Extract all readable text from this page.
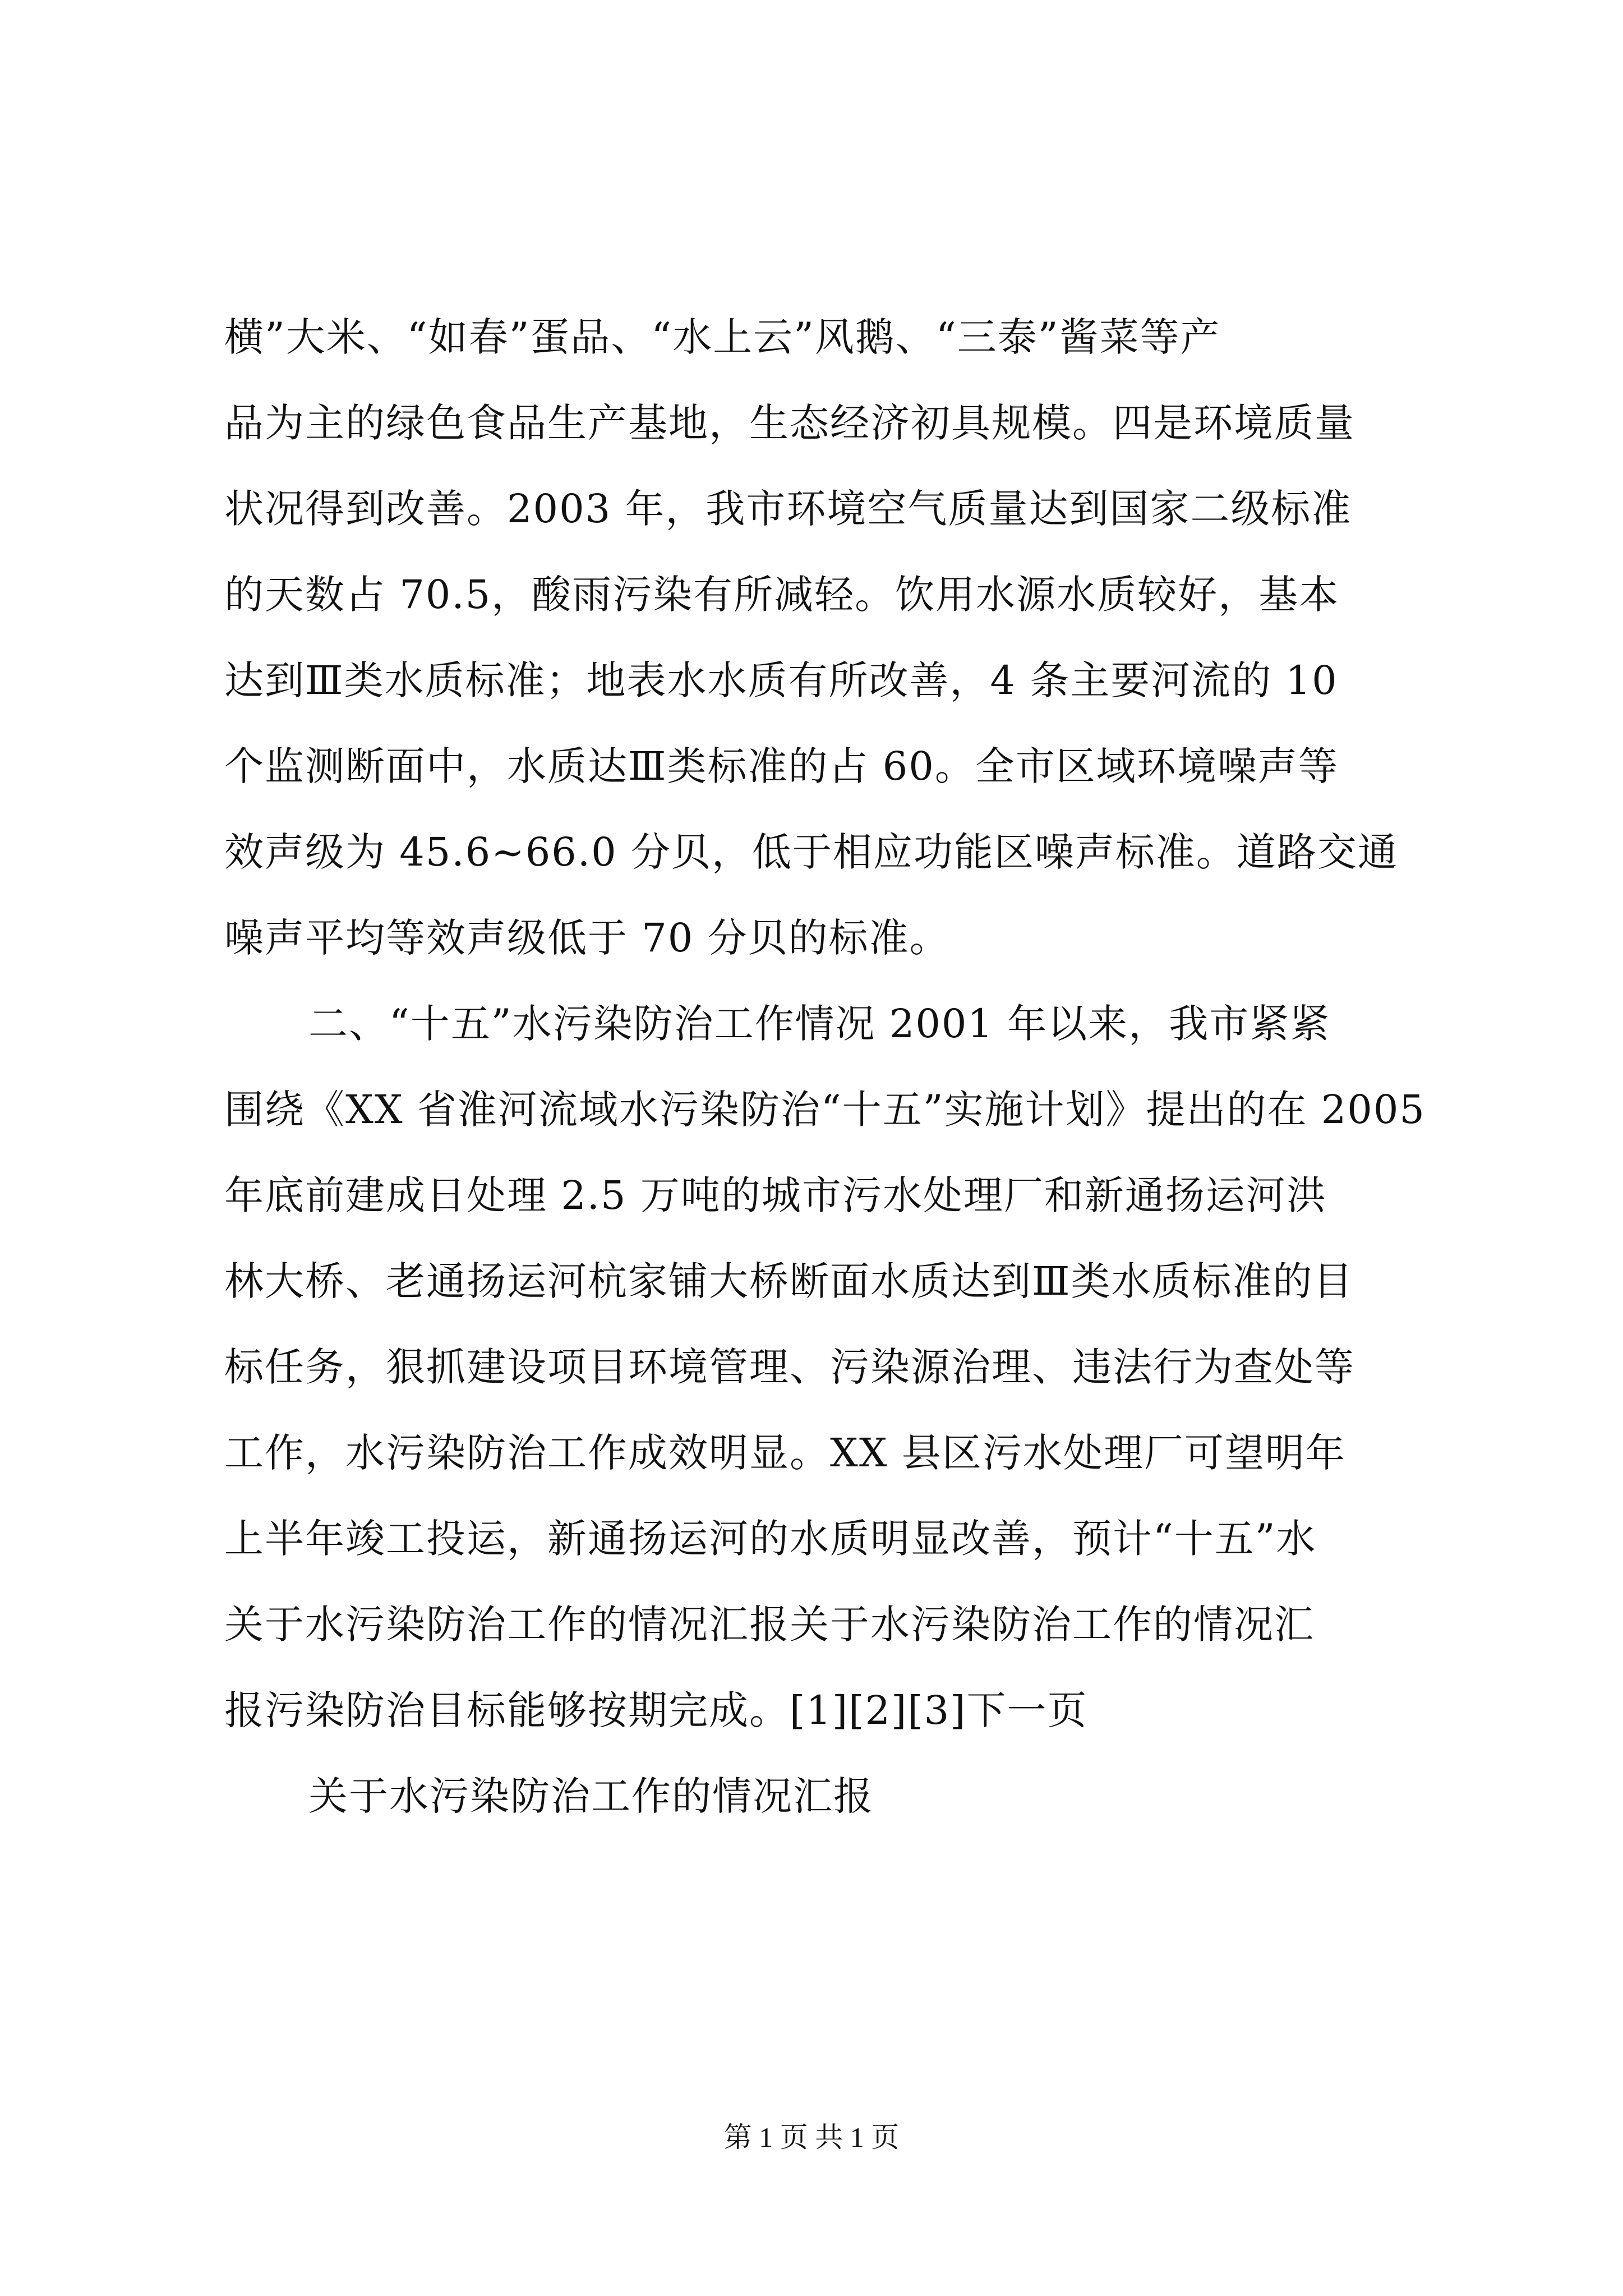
横”大米、“如春”蛋品、“水上云”风鹅、“三泰”酱菜等产
品为主的绿色食品生产基地，生态经济初具规模。四是环境质量
状况得到改善。2003 年，我市环境空气质量达到国家二级标准
的天数占 70.5，酸雨污染有所减轻。饮用水源水质较好，基本
达到Ⅲ类水质标准；地表水水质有所改善，4 条主要河流的 10
个监测断面中，水质达Ⅲ类标准的占 60。全市区域环境噪声等
效声级为 45.6~66.0 分贝，低于相应功能区噪声标准。道路交通
噪声平均等效声级低于 70 分贝的标准。
二、“十五”水污染防治工作情况 2001 年以来，我市紧紧
围绕《XX 省淮河流域水污染防治“十五”实施计划》提出的在 2005
年底前建成日处理 2.5 万吨的城市污水处理厂和新通扬运河洪
林大桥、老通扬运河杭家铺大桥断面水质达到Ⅲ类水质标准的目
标任务，狠抓建设项目环境管理、污染源治理、违法行为查处等
工作，水污染防治工作成效明显。XX 县区污水处理厂可望明年
上半年竣工投运，新通扬运河的水质明显改善，预计“十五”水
关于水污染防治工作的情况汇报关于水污染防治工作的情况汇
报污染防治目标能够按期完成。[1][2][3]下一页
关于水污染防治工作的情况汇报
第 1 页 共 1 页
